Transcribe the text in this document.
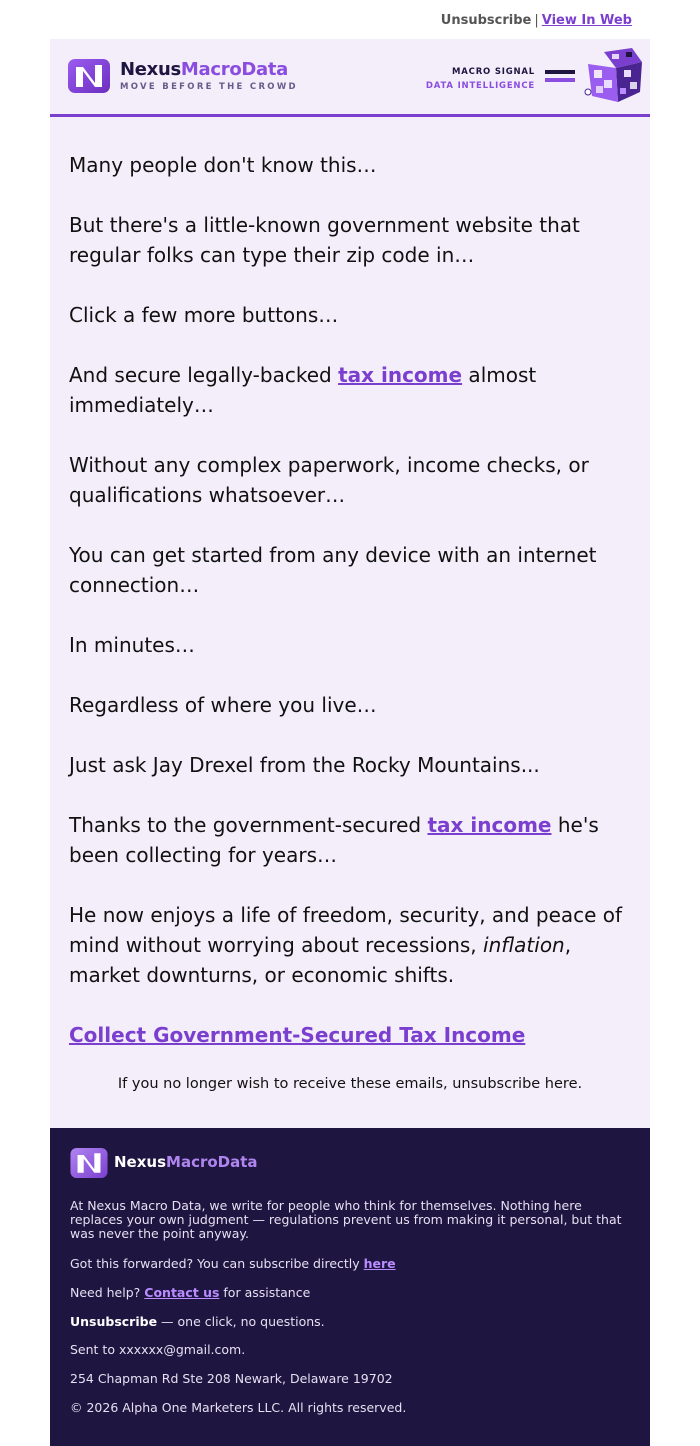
Unsubscribe | View In Web
NexusMacroData
MOVE BEFORE THE CROWD
MACRO SIGNAL
DATA INTELLIGENCE

Many people don't know this…

But there's a little-known government website that regular folks can type their zip code in…

Click a few more buttons…

And secure legally-backed tax income almost immediately…

Without any complex paperwork, income checks, or qualifications whatsoever…

You can get started from any device with an internet connection…

In minutes…

Regardless of where you live…

Just ask Jay Drexel from the Rocky Mountains...

Thanks to the government-secured tax income he's been collecting for years…

He now enjoys a life of freedom, security, and peace of mind without worrying about recessions, inflation, market downturns, or economic shifts.

Collect Government-Secured Tax Income
If you no longer wish to receive these emails, unsubscribe here.
NexusMacroData
At Nexus Macro Data, we write for people who think for themselves. Nothing here replaces your own judgment — regulations prevent us from making it personal, but that was never the point anyway.
Got this forwarded? You can subscribe directly here
Need help? Contact us for assistance
Unsubscribe — one click, no questions.
Sent to xxxxxx@gmail.com.
254 Chapman Rd Ste 208 Newark, Delaware 19702
© 2026 Alpha One Marketers LLC. All rights reserved.
